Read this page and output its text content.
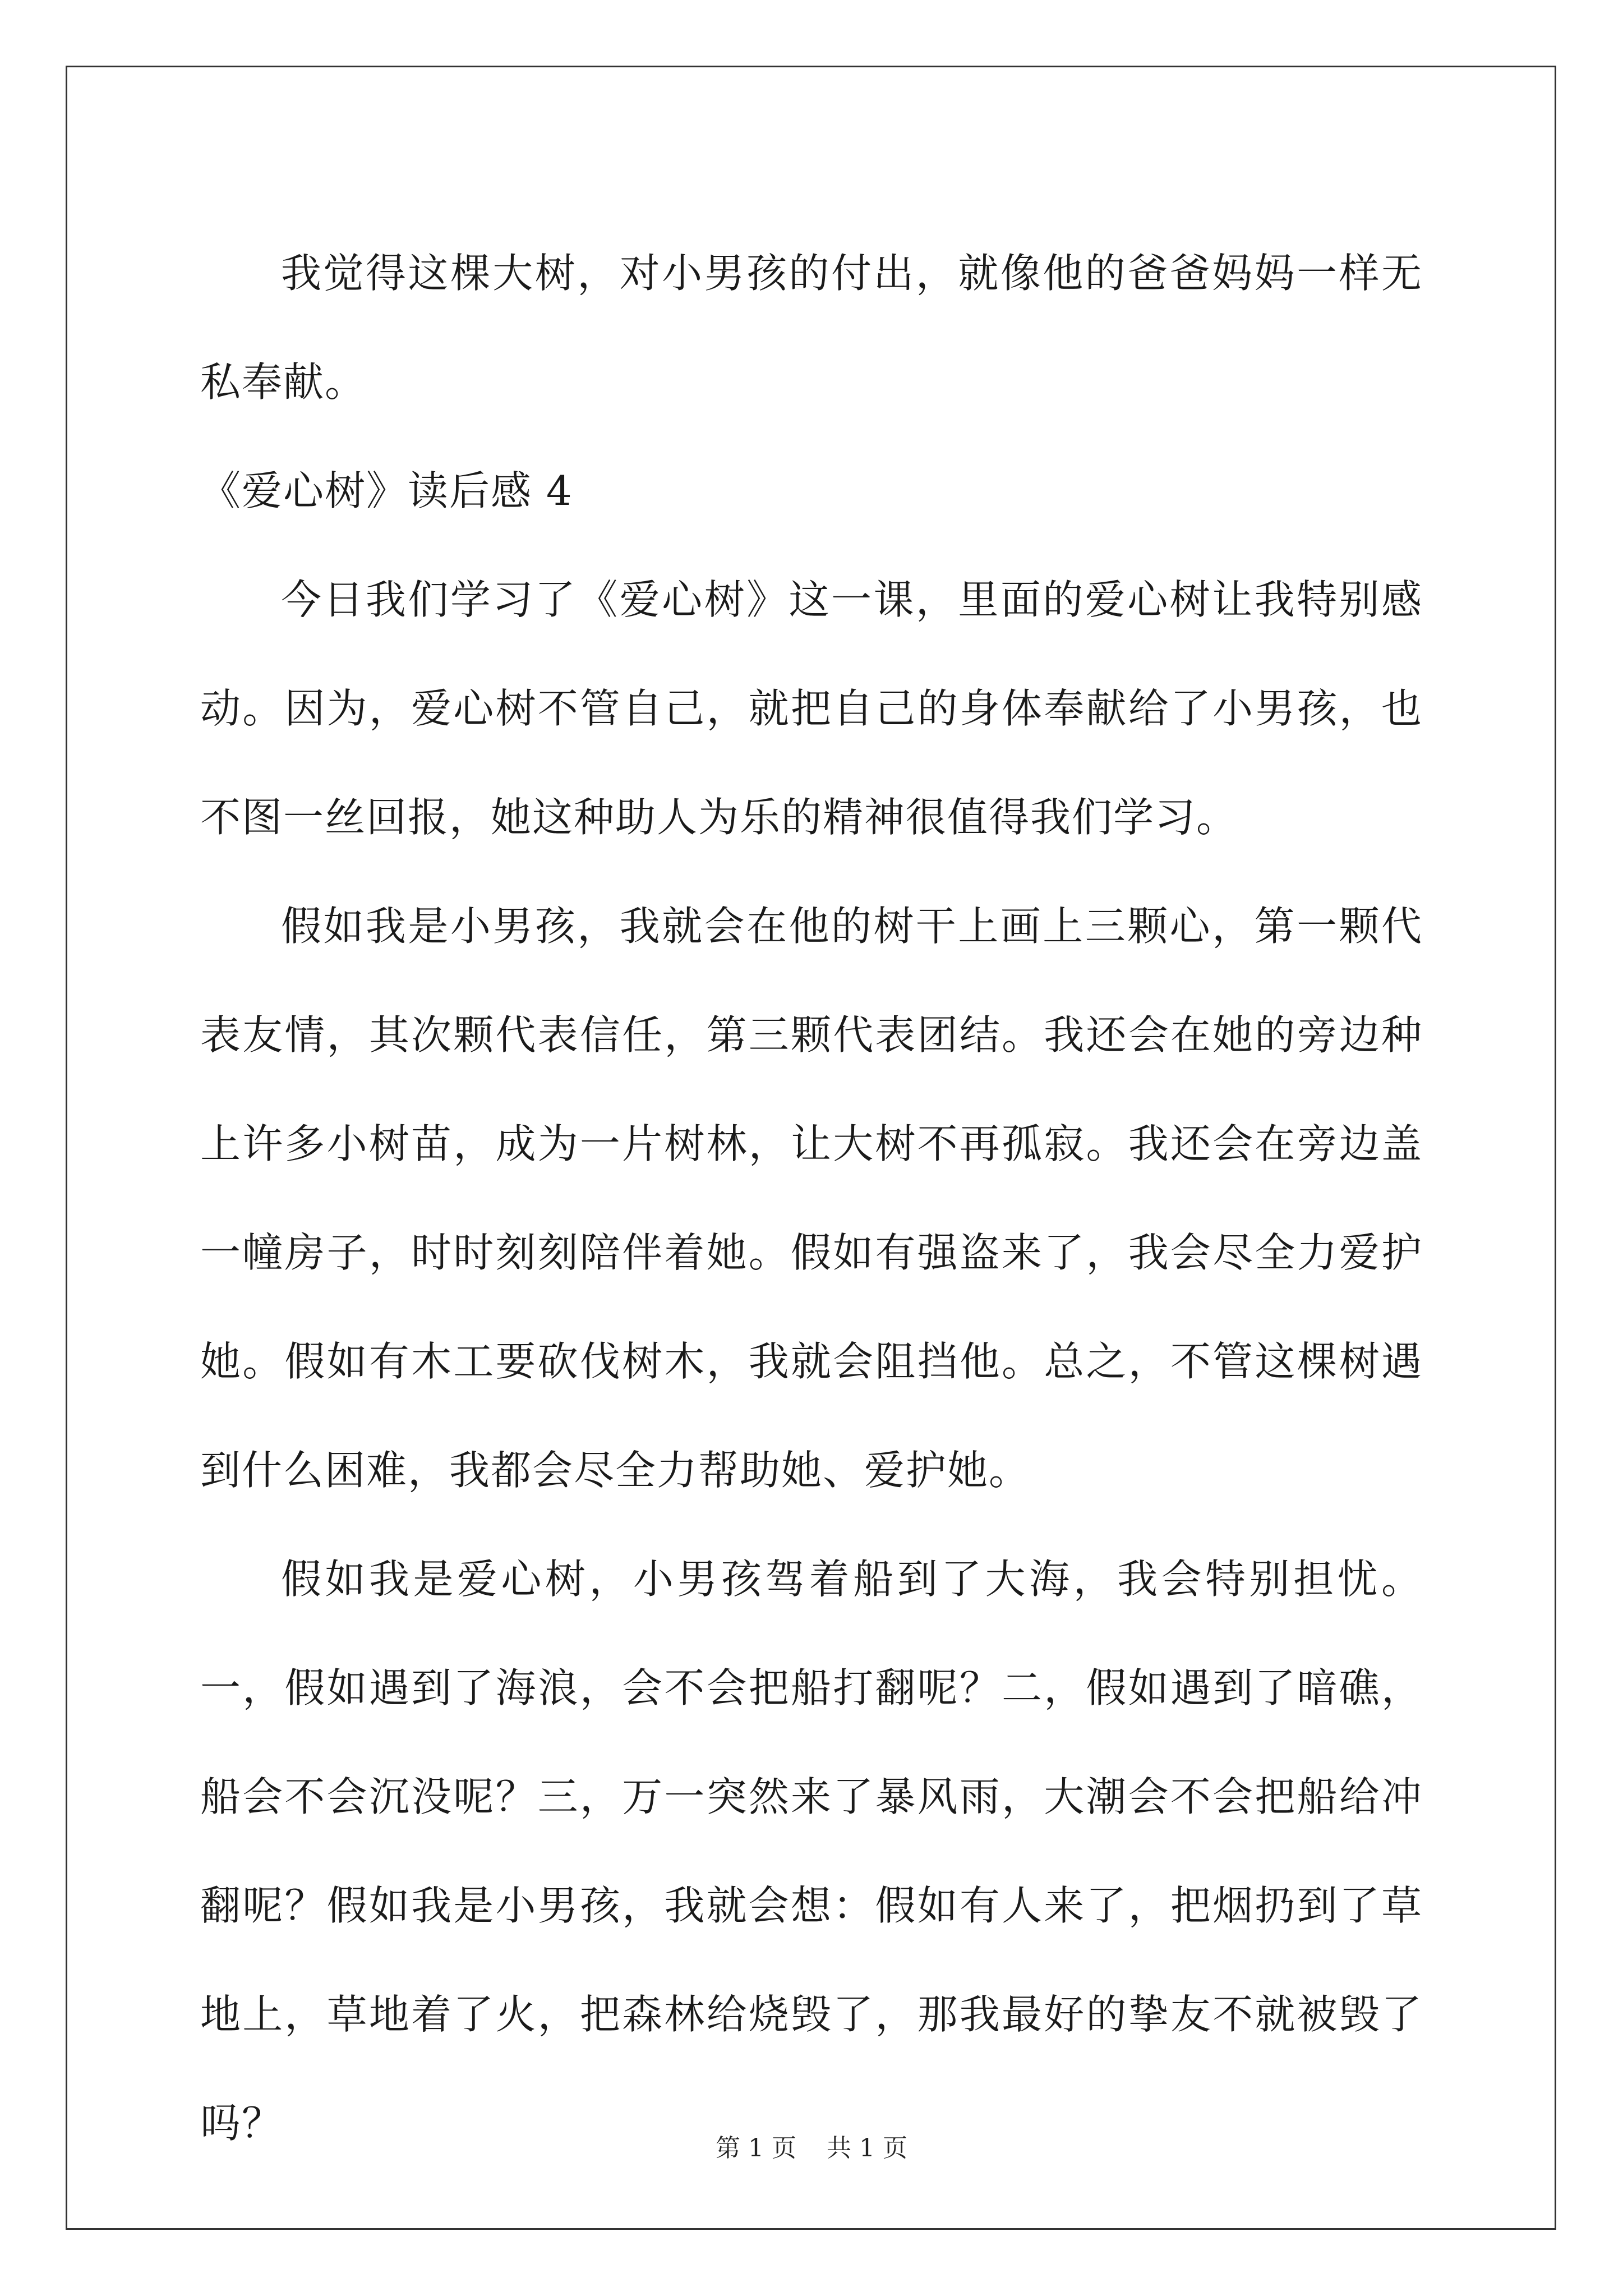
我觉得这棵大树，对小男孩的付出，就像他的爸爸妈妈一样无私奉献。

《爱心树》读后感 4

今日我们学习了《爱心树》这一课，里面的爱心树让我特别感动。因为，爱心树不管自己，就把自己的身体奉献给了小男孩，也不图一丝回报，她这种助人为乐的精神很值得我们学习。

假如我是小男孩，我就会在他的树干上画上三颗心，第一颗代表友情，其次颗代表信任，第三颗代表团结。我还会在她的旁边种上许多小树苗，成为一片树林，让大树不再孤寂。我还会在旁边盖一幢房子，时时刻刻陪伴着她。假如有强盗来了，我会尽全力爱护她。假如有木工要砍伐树木，我就会阻挡他。总之，不管这棵树遇到什么困难，我都会尽全力帮助她、爱护她。

假如我是爱心树，小男孩驾着船到了大海，我会特别担忧。一，假如遇到了海浪，会不会把船打翻呢？二，假如遇到了暗礁，船会不会沉没呢？三，万一突然来了暴风雨，大潮会不会把船给冲翻呢？假如我是小男孩，我就会想：假如有人来了，把烟扔到了草地上，草地着了火，把森林给烧毁了，那我最好的挚友不就被毁了吗？

第 1 页 共 1 页
